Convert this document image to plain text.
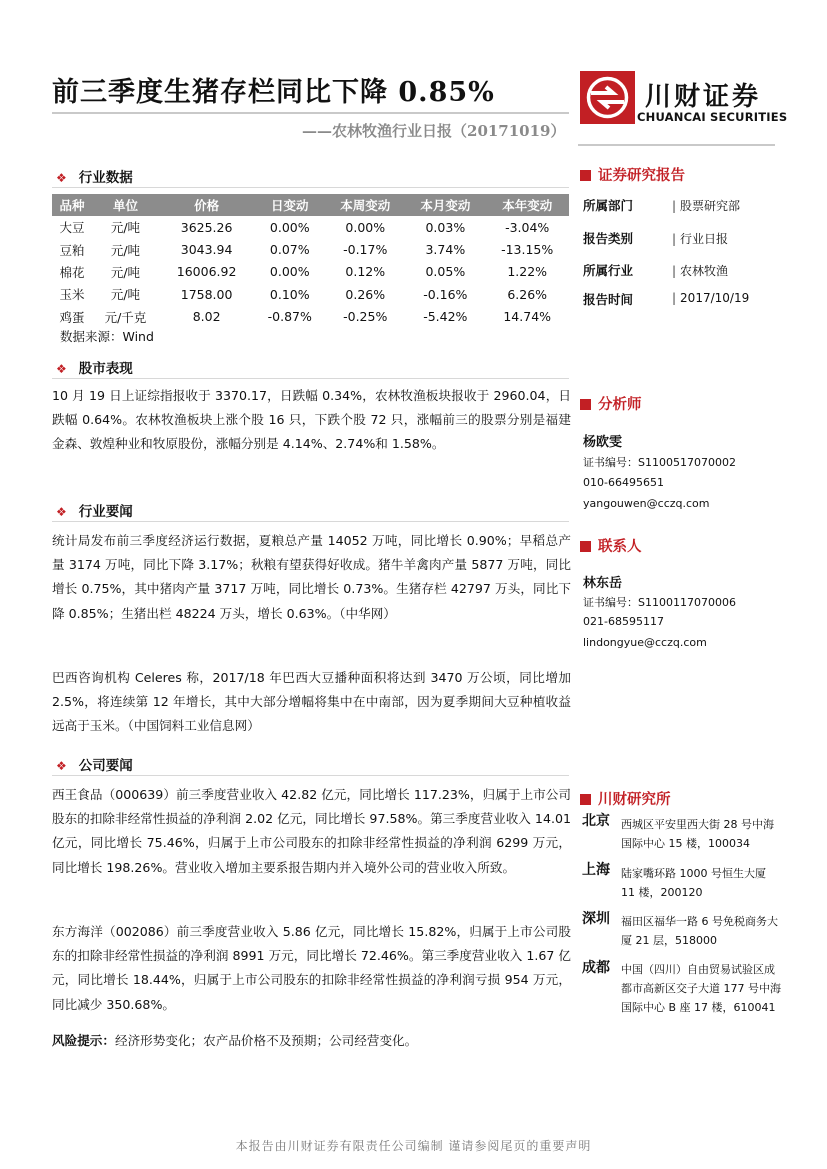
前三季度生猪存栏同比下降 0.85%
——农林牧渔行业日报（20171019）
川财证券
CHUANCAI SECURITIES
❖ 行业数据
品种	单位	价格	日变动	本周变动	本月变动	本年变动
大豆	元/吨	3625.26	0.00%	0.00%	0.03%	-3.04%
豆粕	元/吨	3043.94	0.07%	-0.17%	3.74%	-13.15%
棉花	元/吨	16006.92	0.00%	0.12%	0.05%	1.22%
玉米	元/吨	1758.00	0.10%	0.26%	-0.16%	6.26%
鸡蛋	元/千克	8.02	-0.87%	-0.25%	-5.42%	14.74%
数据来源：Wind
❖ 股市表现
10 月 19 日上证综指报收于 3370.17，日跌幅 0.34%，农林牧渔板块报收于 2960.04，日跌幅 0.64%。农林牧渔板块上涨个股 16 只，下跌个股 72 只，涨幅前三的股票分别是福建金森、敦煌种业和牧原股份，涨幅分别是 4.14%、2.74%和 1.58%。
❖ 行业要闻
统计局发布前三季度经济运行数据，夏粮总产量 14052 万吨，同比增长 0.90%；早稻总产量 3174 万吨，同比下降 3.17%；秋粮有望获得好收成。猪牛羊禽肉产量 5877 万吨，同比增长 0.75%，其中猪肉产量 3717 万吨，同比增长 0.73%。生猪存栏 42797 万头，同比下降 0.85%；生猪出栏 48224 万头，增长 0.63%。（中华网）
巴西咨询机构 Celeres 称，2017/18 年巴西大豆播种面积将达到 3470 万公顷，同比增加 2.5%，将连续第 12 年增长，其中大部分增幅将集中在中南部，因为夏季期间大豆种植收益远高于玉米。（中国饲料工业信息网）
❖ 公司要闻
西王食品（000639）前三季度营业收入 42.82 亿元，同比增长 117.23%，归属于上市公司股东的扣除非经常性损益的净利润 2.02 亿元，同比增长 97.58%。第三季度营业收入 14.01 亿元，同比增长 75.46%，归属于上市公司股东的扣除非经常性损益的净利润 6299 万元，同比增长 198.26%。营业收入增加主要系报告期内并入境外公司的营业收入所致。
东方海洋（002086）前三季度营业收入 5.86 亿元，同比增长 15.82%，归属于上市公司股东的扣除非经常性损益的净利润 8991 万元，同比增长 72.46%。第三季度营业收入 1.67 亿元，同比增长 18.44%，归属于上市公司股东的扣除非经常性损益的净利润亏损 954 万元，同比减少 350.68%。
风险提示：经济形势变化；农产品价格不及预期；公司经营变化。
证券研究报告
所属部门	| 股票研究部
报告类别	| 行业日报
所属行业	| 农林牧渔
报告时间	| 2017/10/19
分析师
杨欧雯
证书编号：S1100517070002
010-66495651
yangouwen@cczq.com
联系人
林东岳
证书编号：S1100117070006
021-68595117
lindongyue@cczq.com
川财研究所
北京 西城区平安里西大街 28 号中海国际中心 15 楼，100034
上海 陆家嘴环路 1000 号恒生大厦 11 楼，200120
深圳 福田区福华一路 6 号免税商务大厦 21 层，518000
成都 中国（四川）自由贸易试验区成都市高新区交子大道 177 号中海国际中心 B 座 17 楼，610041
本报告由川财证券有限责任公司编制 谨请参阅尾页的重要声明
